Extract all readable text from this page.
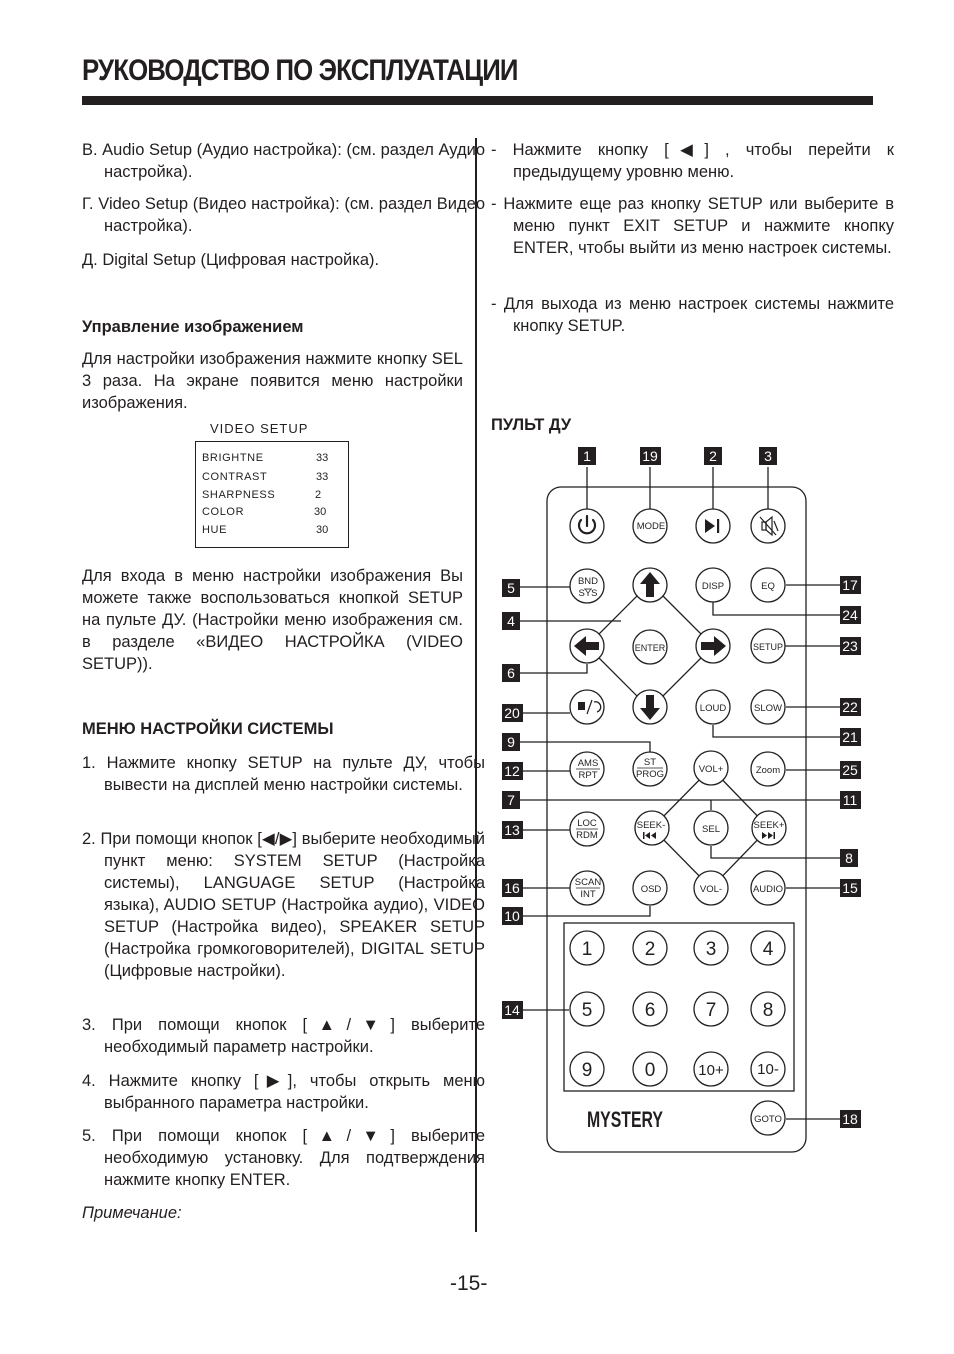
РУКОВОДСТВО ПО ЭКСПЛУАТАЦИИ
В. Audio Setup (Аудио настройка): (см. раздел Аудио настройка).
Г. Video Setup (Видео настройка): (см. раздел Видео настройка).
Д. Digital Setup (Цифровая настройка).
Управление изображением
Для настройки изображения нажмите кнопку SEL 3 раза. На экране появится меню настройки изображения.
VIDEO SETUP
BRIGHTNE	33
CONTRAST	33
SHARPNESS	2
COLOR	30
HUE	30
Для входа в меню настройки изображения Вы можете также воспользоваться кнопкой SETUP на пульте ДУ. (Настройки меню изображения см. в разделе «ВИДЕО НАСТРОЙКА (VIDEO SETUP)).
МЕНЮ НАСТРОЙКИ СИСТЕМЫ
1. Нажмите кнопку SETUP на пульте ДУ, чтобы вывести на дисплей меню настройки системы.
2. При помощи кнопок [◀/▶] выберите необходимый пункт меню: SYSTEM SETUP (Настройка системы), LANGUAGE SETUP (Настройка языка), AUDIO SETUP (Настройка аудио), VIDEO SETUP (Настройка видео), SPEAKER SETUP (Настройка громкоговорителей), DIGITAL SETUP (Цифровые настройки).
3. При помощи кнопок [▲/▼] выберите необходимый параметр настройки.
4. Нажмите кнопку [▶], чтобы открыть меню выбранного параметра настройки.
5. При помощи кнопок [▲/▼] выберите необходимую установку. Для подтверждения нажмите кнопку ENTER.
Примечание:
- Нажмите кнопку [◀] , чтобы перейти к предыдущему уровню меню.
- Нажмите еще раз кнопку SETUP или выберите в меню пункт EXIT SETUP и нажмите кнопку ENTER, чтобы выйти из меню настроек системы.
- Для выхода из меню настроек системы нажмите кнопку SETUP.
ПУЛЬТ ДУ
MODE
BND
SYS
DISP	EQ
ENTER	SETUP
LOUD	SLOW
AMS
RPT
ST
PROG	VOL+	Zoom
LOC
RDM
SEEK-	SEL	SEEK+
SCAN
INT	OSD	VOL-	AUDIO
GOTO
1	2	3 4
5	6	7 8
9	0	10+ 10-
MYSTERY
1	19	2	3
5	17
24
4
23
6
20	22
21
9
12	25
7	11
13
8
16	15
10
14
18
-15-
